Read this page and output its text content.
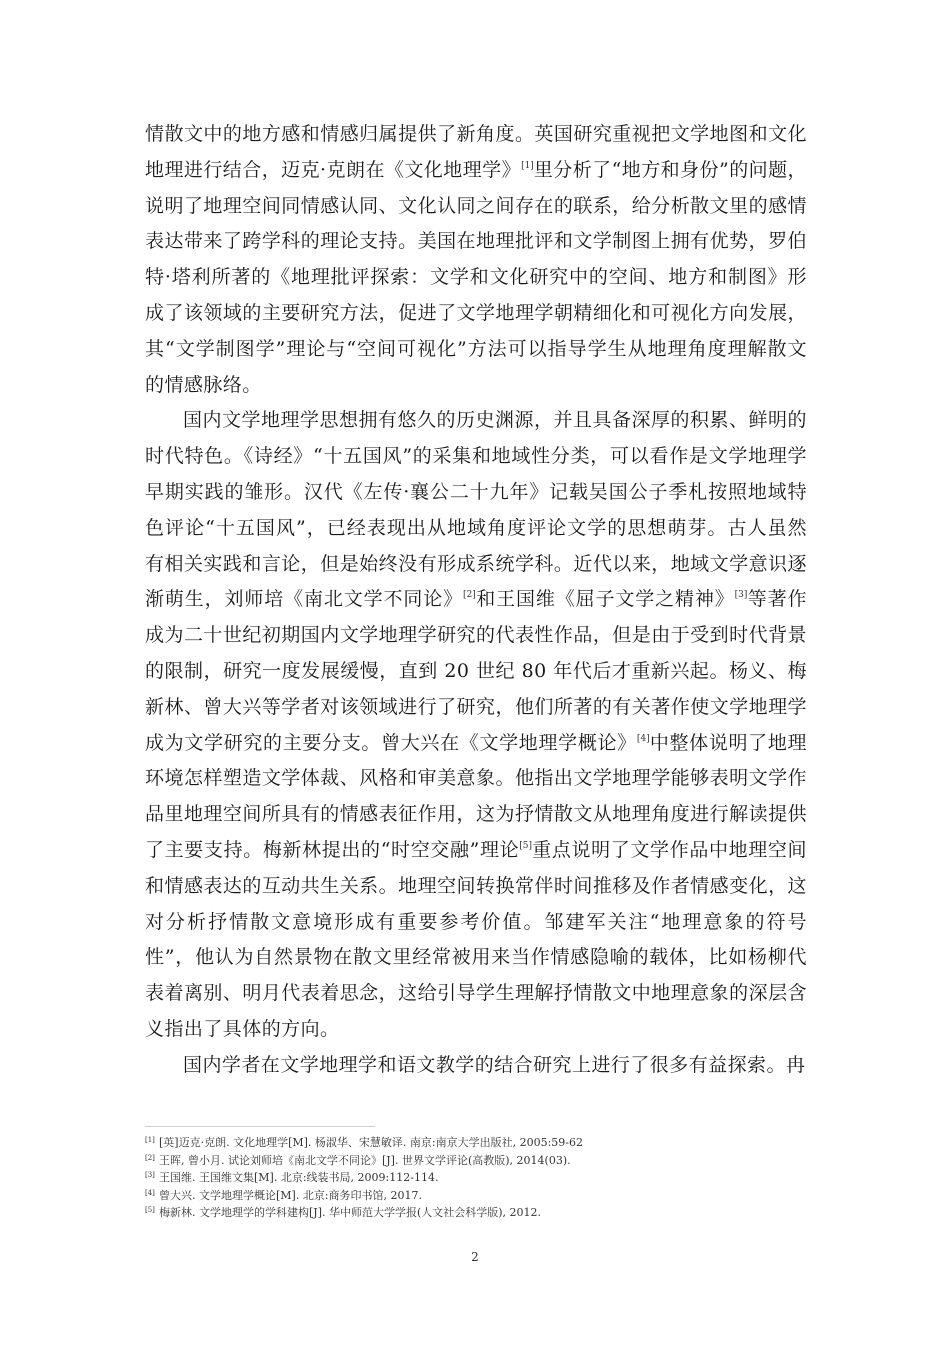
情散文中的地方感和情感归属提供了新角度。英国研究重视把文学地图和文化地理进行结合，迈克·克朗在《文化地理学》[1]里分析了“地方和身份”的问题，说明了地理空间同情感认同、文化认同之间存在的联系，给分析散文里的感情表达带来了跨学科的理论支持。美国在地理批评和文学制图上拥有优势，罗伯特·塔利所著的《地理批评探索：文学和文化研究中的空间、地方和制图》形成了该领域的主要研究方法，促进了文学地理学朝精细化和可视化方向发展，其“文学制图学”理论与“空间可视化”方法可以指导学生从地理角度理解散文的情感脉络。

国内文学地理学思想拥有悠久的历史渊源，并且具备深厚的积累、鲜明的时代特色。《诗经》“十五国风”的采集和地域性分类，可以看作是文学地理学早期实践的雏形。汉代《左传·襄公二十九年》记载吴国公子季札按照地域特色评论“十五国风”，已经表现出从地域角度评论文学的思想萌芽。古人虽然有相关实践和言论，但是始终没有形成系统学科。近代以来，地域文学意识逐渐萌生，刘师培《南北文学不同论》[2]和王国维《屈子文学之精神》[3]等著作成为二十世纪初期国内文学地理学研究的代表性作品，但是由于受到时代背景的限制，研究一度发展缓慢，直到 20 世纪 80 年代后才重新兴起。杨义、梅新林、曾大兴等学者对该领域进行了研究，他们所著的有关著作使文学地理学成为文学研究的主要分支。曾大兴在《文学地理学概论》[4]中整体说明了地理环境怎样塑造文学体裁、风格和审美意象。他指出文学地理学能够表明文学作品里地理空间所具有的情感表征作用，这为抒情散文从地理角度进行解读提供了主要支持。梅新林提出的“时空交融”理论[5]重点说明了文学作品中地理空间和情感表达的互动共生关系。地理空间转换常伴时间推移及作者情感变化，这对分析抒情散文意境形成有重要参考价值。邹建军关注“地理意象的符号性”，他认为自然景物在散文里经常被用来当作情感隐喻的载体，比如杨柳代表着离别、明月代表着思念，这给引导学生理解抒情散文中地理意象的深层含义指出了具体的方向。

国内学者在文学地理学和语文教学的结合研究上进行了很多有益探索。冉

[1] [英]迈克·克朗. 文化地理学[M]. 杨淑华、宋慧敏译. 南京:南京大学出版社, 2005:59-62
[2] 王晖, 曾小月. 试论刘师培《南北文学不同论》[J]. 世界文学评论(高教版), 2014(03).
[3] 王国维. 王国维文集[M]. 北京:线装书局, 2009:112-114.
[4] 曾大兴. 文学地理学概论[M]. 北京:商务印书馆, 2017.
[5] 梅新林. 文学地理学的学科建构[J]. 华中师范大学学报(人文社会科学版), 2012.
2
